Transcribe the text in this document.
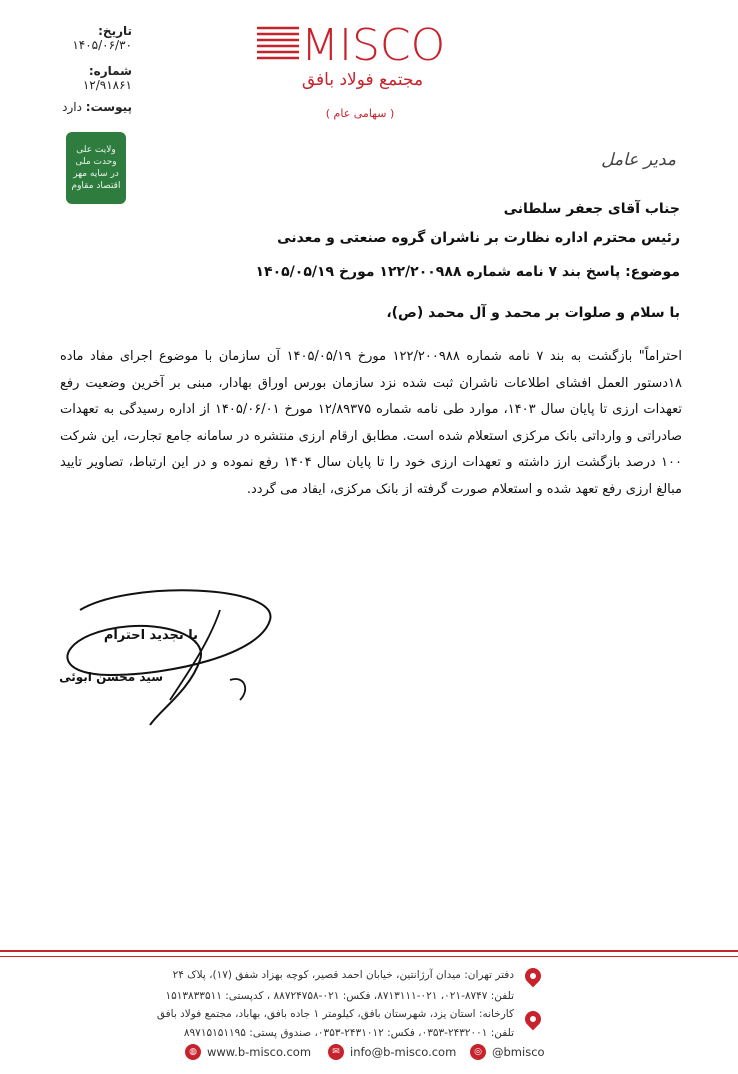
تاریخ: ۱۴۰۵/۰۶/۳۰
شماره: ۱۲/۹۱۸۶۱
پیوست: دارد
MISCO
مجتمع فولاد بافق
( سهامی عام )
ولایت علی
وحدت ملی
در سایه مهر
اقتصاد مقاوم
مدیر عامل
جناب آقای جعفر سلطانی
رئیس محترم اداره نظارت بر ناشران گروه صنعتی و معدنی
موضوع: پاسخ بند ۷ نامه شماره ۱۲۲/۲۰۰۹۸۸ مورخ ۱۴۰۵/۰۵/۱۹
با سلام و صلوات بر محمد و آل محمد (ص)،
احتراماً" بازگشت به بند ۷ نامه شماره ۱۲۲/۲۰۰۹۸۸ مورخ ۱۴۰۵/۰۵/۱۹ آن سازمان با موضوع اجرای مفاد ماده ۱۸دستور العمل افشای اطلاعات ناشران ثبت شده نزد سازمان بورس اوراق بهادار، مبنی بر آخرین وضعیت رفع تعهدات ارزی تا پایان سال ۱۴۰۳، موارد طی نامه شماره ۱۲/۸۹۳۷۵ مورخ ۱۴۰۵/۰۶/۰۱ از اداره رسیدگی به تعهدات صادراتی و وارداتی بانک مرکزی استعلام شده است. مطابق ارقام ارزی منتشره در سامانه جامع تجارت، این شرکت ۱۰۰ درصد بازگشت ارز داشته و تعهدات ارزی خود را تا پایان سال ۱۴۰۴ رفع نموده و در این ارتباط، تصاویر تایید مبالغ ارزی رفع تعهد شده و استعلام صورت گرفته از بانک مرکزی، ایفاد می گردد.
با تجدید احترام
سید محسن ابوئی
دفتر تهران: میدان آرژانتین، خیابان احمد قصیر، کوچه بهزاد شفق (۱۷)، پلاک ۲۴
تلفن: ۸۷۴۷-۰۲۱، ۰۲۱-۸۷۱۳۱۱۱، فکس: ۰۲۱-۸۸۷۲۴۷۵۸ ، کدپستی: ۱۵۱۳۸۳۳۵۱۱
کارخانه: استان یزد، شهرستان بافق، کیلومتر ۱ جاده بافق، بهاباد، مجتمع فولاد بافق
تلفن: ۲۴۳۲۰۰۱-۰۳۵۳، فکس: ۲۴۳۱۰۱۲-۰۳۵۳، صندوق پستی: ۸۹۷۱۵۱۵۱۱۹۵
◍ www.b-misco.com	✉ info@b-misco.com	◎ @bmisco
